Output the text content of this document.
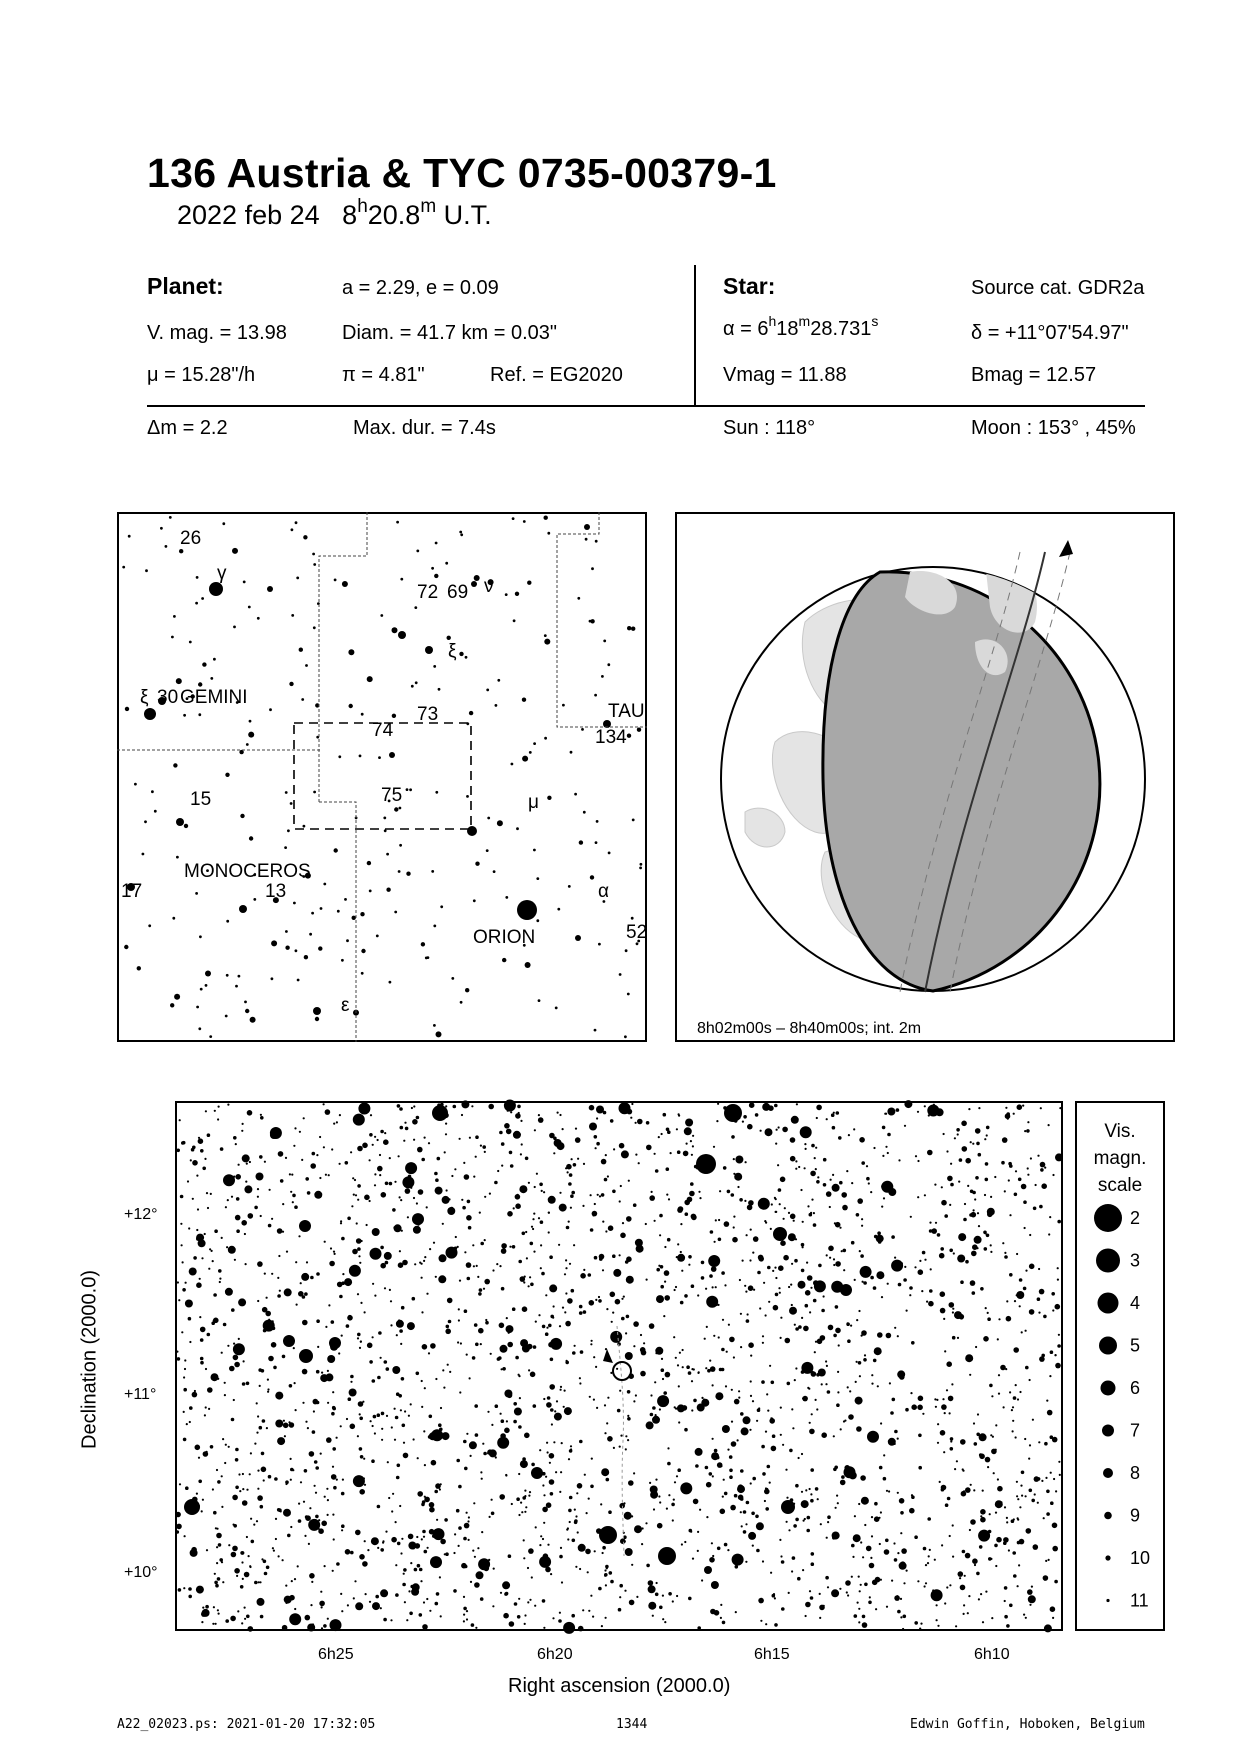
136 Austria & TYC 0735-00379-1
2022 feb 24 8$^h$20.8$^m$ U.T.
Planet:	a = 2.29, e = 0.09
V. mag. = 13.98	Diam. = 41.7 km = 0.03"
μ = 15.28"/h	π = 4.81"	Ref. = EG2020
Star:	Source cat. GDR2a
$\alpha = 6^h18^m28.731^s$
δ = +11°07'54.97"
Vmag = 11.88	Bmag = 12.57
Δm = 2.2	Max. dur. = 7.4s	Sun : 118°	Moon : 153° , 45%
26
γ
72 69 ν
ξ
ξ 30 GEMINI
73
74
TAU
134
15	75	μ
MONOCEROS
17	13	α
52
ORION
ε
8h02m00s – 8h40m00s; int. 2m
+12°
+11°
+10°
6h25	6h20	6h15	6h10
Right ascension (2000.0)
Declination (2000.0)
Vis.
magn.
scale
2
3
4
5
6
7
8
9
10
11
A22_02023.ps: 2021-01-20 17:32:05	1344	Edwin Goffin, Hoboken, Belgium
